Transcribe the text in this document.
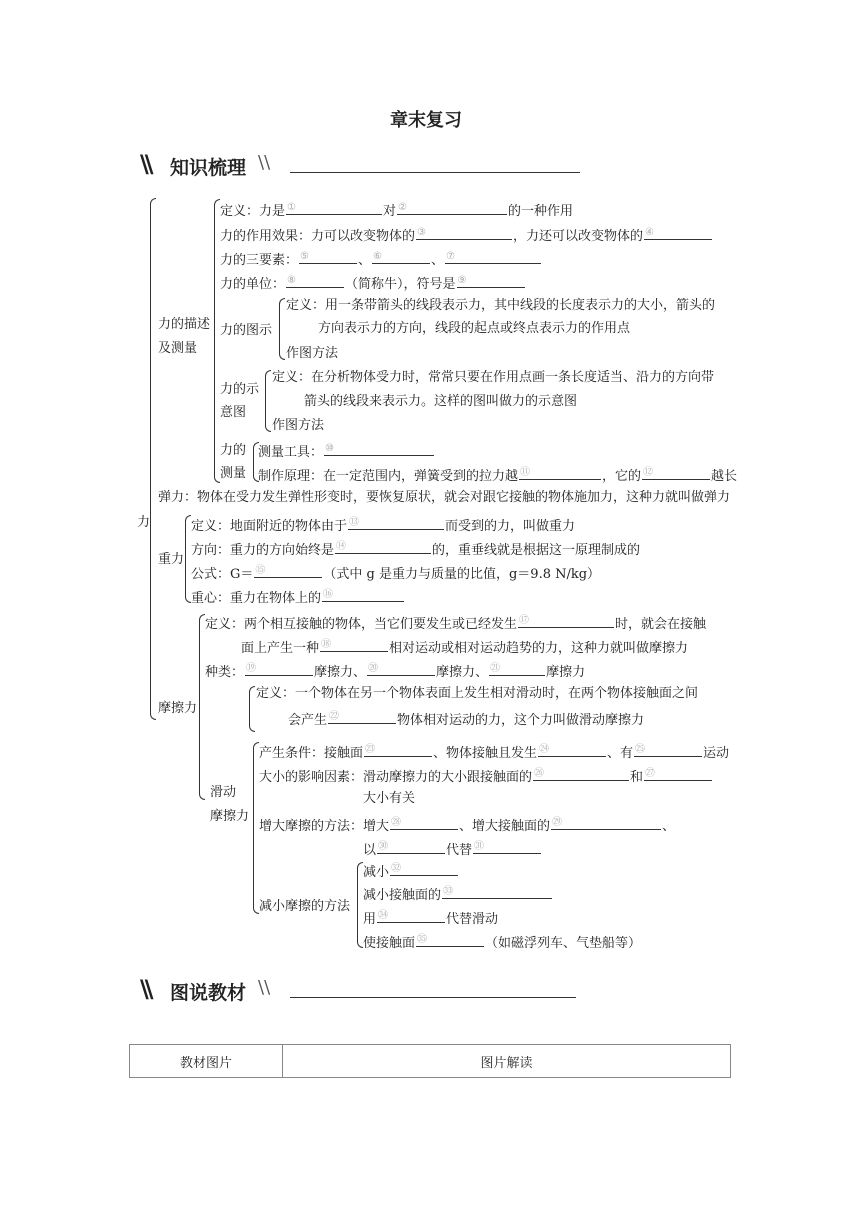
章末复习
\\ 知识梳理 \\
力
力的描述
及测量
定义：力是 ①	对 ②	的一种作用
力的作用效果：力可以改变物体的 ③	，力还可以改变物体的 ④
力的三要素： ⑤	、 ⑥	、 ⑦
力的单位： ⑧	（简称牛），符号是 ⑨
力的图示
定义：用一条带箭头的线段表示力，其中线段的长度表示力的大小，箭头的
方向表示力的方向，线段的起点或终点表示力的作用点
作图方法
力的示
意图
定义：在分析物体受力时，常常只要在作用点画一条长度适当、沿力的方向带
箭头的线段来表示力。这样的图叫做力的示意图
作图方法
力的
测量
测量工具： ⑩
制作原理：在一定范围内，弹簧受到的拉力越 ⑪	，它的 ⑫	越长
弹力：物体在受力发生弹性形变时，要恢复原状，就会对跟它接触的物体施加力，这种力就叫做弹力
重力
定义：地面附近的物体由于 ⑬	而受到的力，叫做重力
方向：重力的方向始终是 ⑭	的，重垂线就是根据这一原理制成的
公式：G＝ ⑮	（式中 g 是重力与质量的比值，g＝9.8 N/kg）
重心：重力在物体上的 ⑯
摩擦力
定义：两个相互接触的物体，当它们要发生或已经发生 ⑰	时，就会在接触
面上产生一种 ⑱	相对运动或相对运动趋势的力，这种力就叫做摩擦力
种类： ⑲	摩擦力、 ⑳	摩擦力、 ㉑	摩擦力
定义：一个物体在另一个物体表面上发生相对滑动时，在两个物体接触面之间
会产生 ㉒	物体相对运动的力，这个力叫做滑动摩擦力
滑动
摩擦力
产生条件：接触面 ㉓	、物体接触且发生 ㉔	、有 ㉕	运动
大小的影响因素：滑动摩擦力的大小跟接触面的 ㉖	和 ㉗
大小有关
增大摩擦的方法：增大 ㉘	、增大接触面的 ㉙	、
以 ㉚	代替 ㉛
减小摩擦的方法
减小 ㉜
减小接触面的 ㉝
用 ㉞	代替滑动
使接触面 ㉟	（如磁浮列车、气垫船等）
\\ 图说教材 \\
教材图片	图片解读
